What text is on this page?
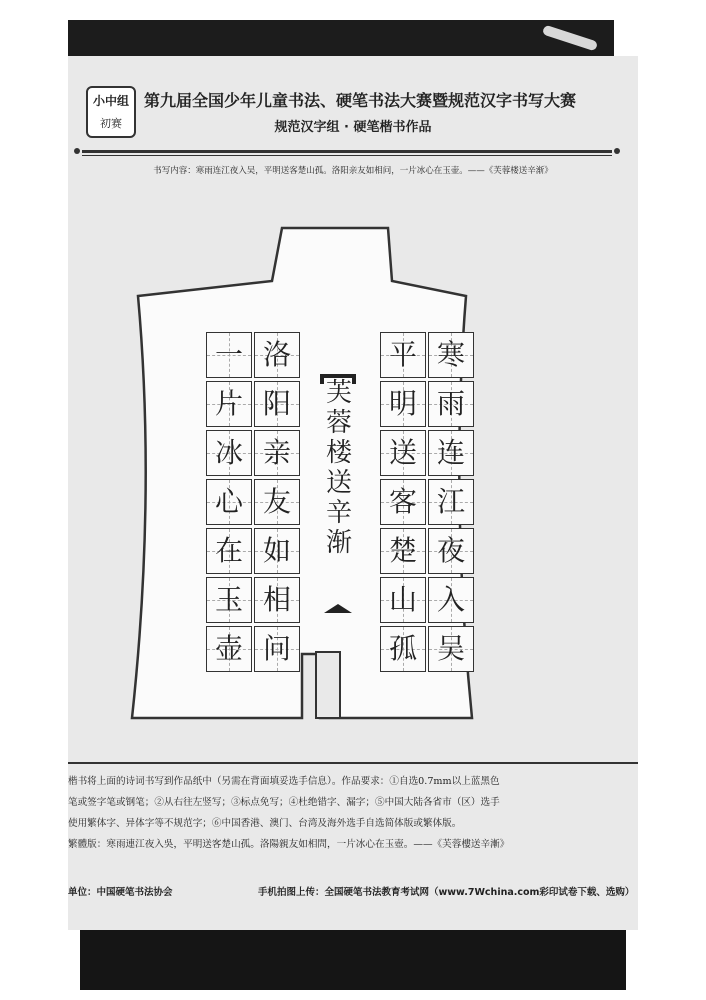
小中组
初赛
第九届全国少年儿童书法、硬笔书法大赛暨规范汉字书写大赛
规范汉字组 · 硬笔楷书作品
书写内容：寒雨连江夜入吴，平明送客楚山孤。洛阳亲友如相问，一片冰心在玉壶。——《芙蓉楼送辛渐》
寒
雨
连
江
夜
入
吴
平
明
送
客
楚
山
孤
洛
阳
亲
友
如
相
问
一
片
冰
心
在
玉
壶
芙
蓉
楼
送
辛
渐
楷书将上面的诗词书写到作品纸中（另需在背面填妥选手信息）。作品要求：①自选0.7mm以上蓝黑色
笔或签字笔或钢笔；②从右往左竖写；③标点免写；④杜绝错字、漏字；⑤中国大陆各省市（区）选手
使用繁体字、异体字等不规范字；⑥中国香港、澳门、台湾及海外选手自选简体版或繁体版。
繁體版：寒雨連江夜入吳，平明送客楚山孤。洛陽親友如相問，一片冰心在玉壺。——《芙蓉樓送辛漸》
单位：中国硬笔书法协会	手机拍图上传：全国硬笔书法教育考试网（www.7Wchina.com彩印试卷下载、选购）
